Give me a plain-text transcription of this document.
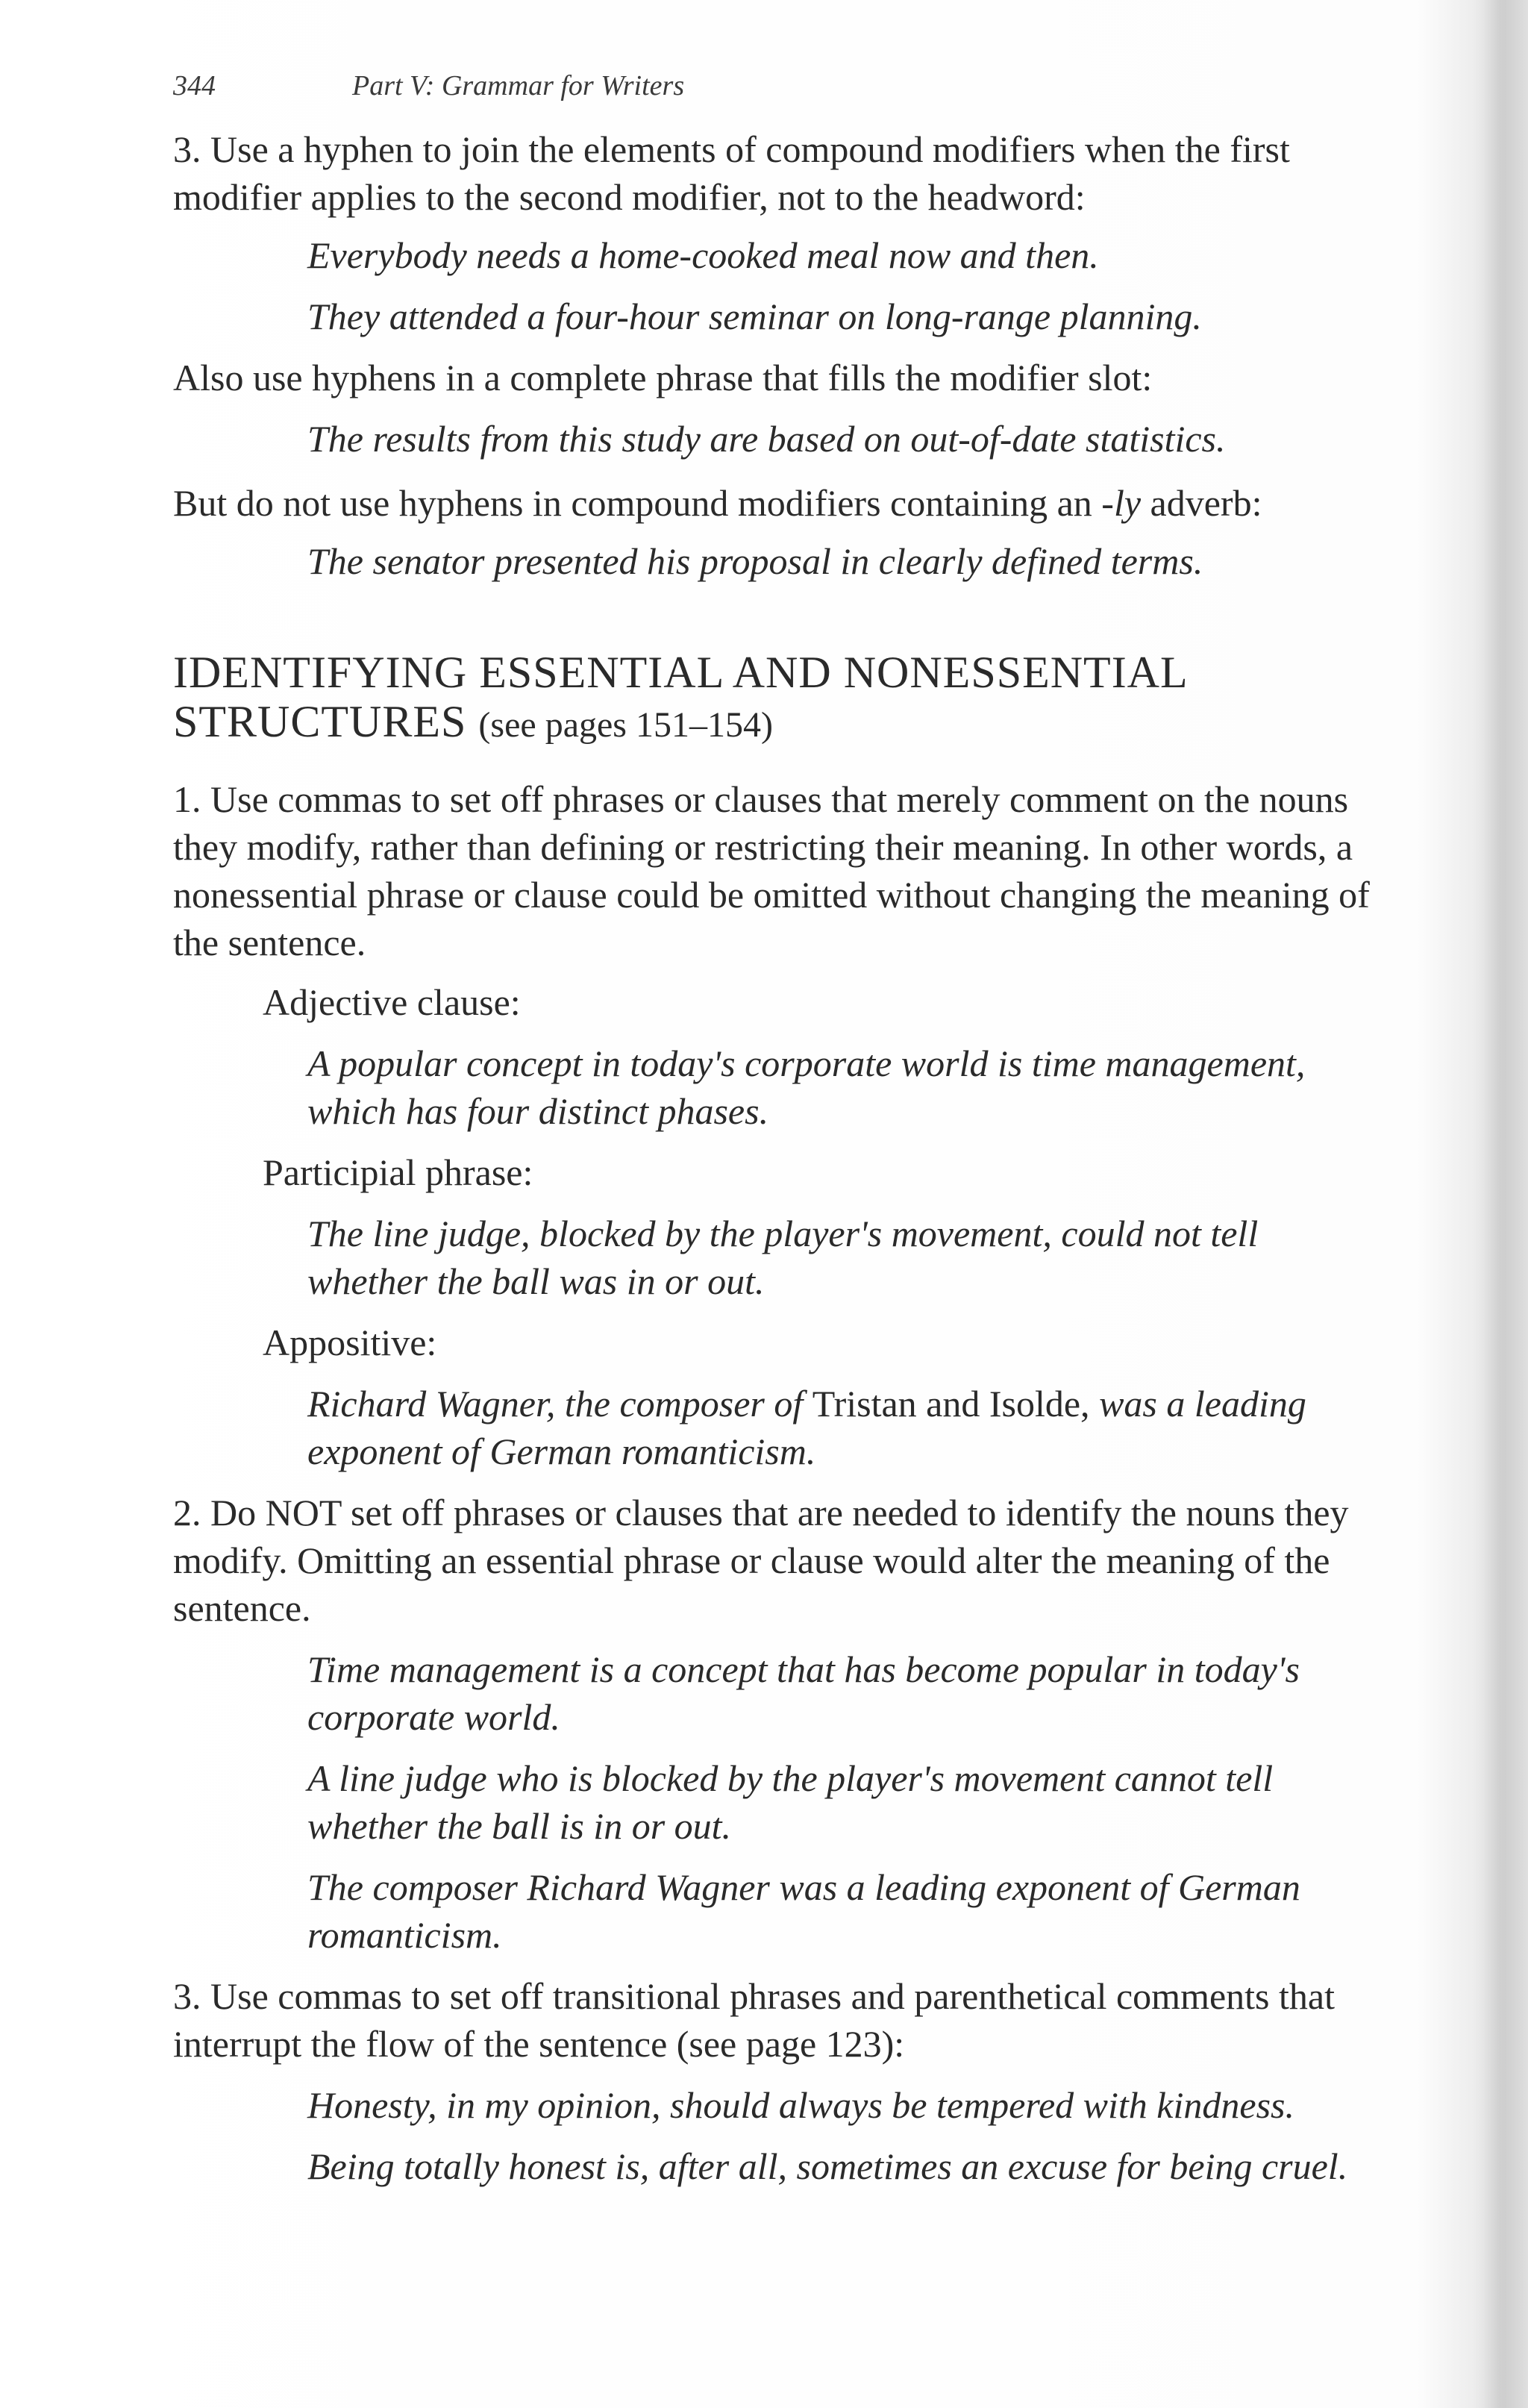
344	Part V: Grammar for Writers

3. Use a hyphen to join the elements of compound modifiers when the first modifier applies to the second modifier, not to the headword:

Everybody needs a home-cooked meal now and then.

They attended a four-hour seminar on long-range planning.

Also use hyphens in a complete phrase that fills the modifier slot:

The results from this study are based on out-of-date statistics.

But do not use hyphens in compound modifiers containing an -ly adverb:

The senator presented his proposal in clearly defined terms.

IDENTIFYING ESSENTIAL AND NONESSENTIAL
STRUCTURES (see pages 151–154)

1. Use commas to set off phrases or clauses that merely comment on the nouns they modify, rather than defining or restricting their meaning. In other words, a nonessential phrase or clause could be omitted without changing the meaning of the sentence.

Adjective clause:

A popular concept in today's corporate world is time management, which has four distinct phases.

Participial phrase:

The line judge, blocked by the player's movement, could not tell whether the ball was in or out.

Appositive:

Richard Wagner, the composer of Tristan and Isolde, was a leading exponent of German romanticism.

2. Do NOT set off phrases or clauses that are needed to identify the nouns they modify. Omitting an essential phrase or clause would alter the meaning of the sentence.

Time management is a concept that has become popular in today's corporate world.

A line judge who is blocked by the player's movement cannot tell whether the ball is in or out.

The composer Richard Wagner was a leading exponent of German romanticism.

3. Use commas to set off transitional phrases and parenthetical comments that interrupt the flow of the sentence (see page 123):

Honesty, in my opinion, should always be tempered with kindness.

Being totally honest is, after all, sometimes an excuse for being cruel.
